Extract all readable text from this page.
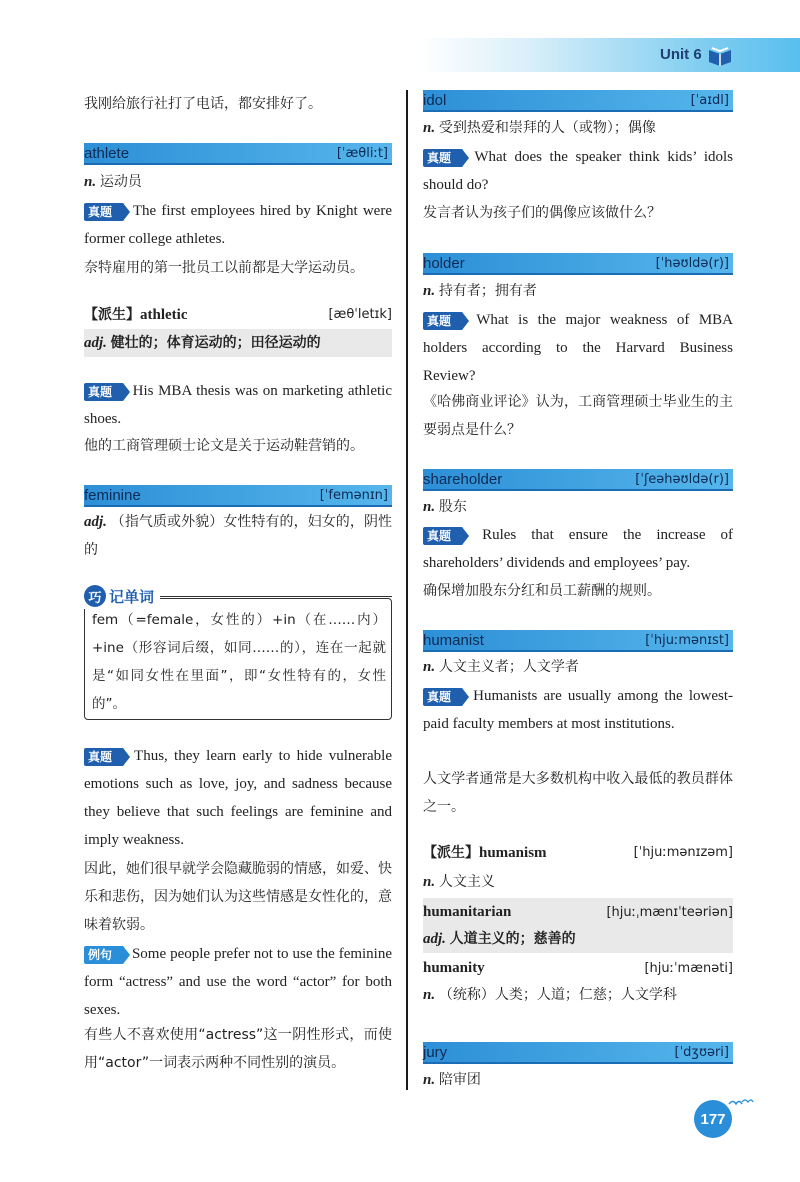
Unit 6
我刚给旅行社打了电话，都安排好了。
athlete	[ˈæθliːt]
n. 运动员
真题 The first employees hired by Knight were former college athletes.
奈特雇用的第一批员工以前都是大学运动员。
【派生】athletic	[æθˈletɪk]
adj. 健壮的；体育运动的；田径运动的
真题 His MBA thesis was on marketing athletic shoes.
他的工商管理硕士论文是关于运动鞋营销的。
feminine	[ˈfemənɪn]
adj. （指气质或外貌）女性特有的，妇女的，阴性的
巧 记单词
fem（=female，女性的）+in（在……内）+ine（形容词后缀，如同……的），连在一起就是“如同女性在里面”，即“女性特有的，女性的”。
真题 Thus, they learn early to hide vulnerable emotions such as love, joy, and sadness because they believe that such feelings are feminine and imply weakness.
因此，她们很早就学会隐藏脆弱的情感，如爱、快乐和悲伤，因为她们认为这些情感是女性化的，意味着软弱。
例句 Some people prefer not to use the feminine form “actress” and use the word “actor” for both sexes.
有些人不喜欢使用“actress”这一阴性形式，而使用“actor”一词表示两种不同性别的演员。
idol	[ˈaɪdl]
n. 受到热爱和崇拜的人（或物）；偶像
真题 What does the speaker think kids’ idols should do?
发言者认为孩子们的偶像应该做什么？
holder	[ˈhəʊldə(r)]
n. 持有者；拥有者
真题 What is the major weakness of MBA holders according to the Harvard Business Review?
《哈佛商业评论》认为，工商管理硕士毕业生的主要弱点是什么？
shareholder	[ˈʃeəhəʊldə(r)]
n. 股东
真题 Rules that ensure the increase of shareholders’ dividends and employees’ pay.
确保增加股东分红和员工薪酬的规则。
humanist	[ˈhjuːmənɪst]
n. 人文主义者；人文学者
真题 Humanists are usually among the lowest-paid faculty members at most institutions.
人文学者通常是大多数机构中收入最低的教员群体之一。
【派生】humanism	[ˈhjuːmənɪzəm]
n. 人文主义
humanitarian	[hjuːˌmænɪˈteəriən]
adj. 人道主义的；慈善的
humanity	[hjuːˈmænəti]
n. （统称）人类；人道；仁慈；人文学科
jury	[ˈdʒʊəri]
n. 陪审团
177
